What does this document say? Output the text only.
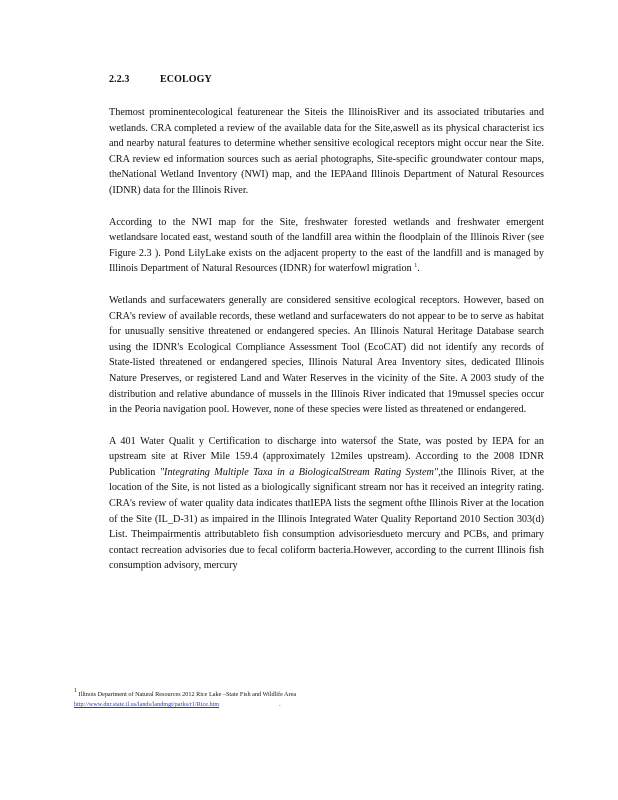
2.2.3	ECOLOGY

Themost prominentecological featurenear the Siteis the IllinoisRiver and its associated tributaries and wetlands. CRA completed a review of the available data for the Site,aswell as its physical characterist ics and nearby natural features to determine whether sensitive ecological receptors might occur near the Site. CRA review ed information sources such as aerial photographs, Site-specific groundwater contour maps, theNational Wetland Inventory (NWI) map, and the IEPAand Illinois Department of Natural Resources (IDNR) data for the Illinois River.

According to the NWI map for the Site, freshwater forested wetlands and freshwater emergent wetlandsare located east, westand south of the landfill area within the floodplain of the Illinois River (see Figure 2.3 ). Pond LilyLake exists on the adjacent property to the east of the landfill and is managed by Illinois Department of Natural Resources (IDNR) for waterfowl migration $^1$.

Wetlands and surfacewaters generally are considered sensitive ecological receptors. However, based on CRA's review of available records, these wetland and surfacewaters do not appear to be to serve as habitat for unusually sensitive threatened or endangered species. An Illinois Natural Heritage Database search using the IDNR's Ecological Compliance Assessment Tool (EcoCAT) did not identify any records of State-listed threatened or endangered species, Illinois Natural Area Inventory sites, dedicated Illinois Nature Preserves, or registered Land and Water Reserves in the vicinity of the Site. A 2003 study of the distribution and relative abundance of mussels in the Illinois River indicated that 19mussel species occur in the Peoria navigation pool. However, none of these species were listed as threatened or endangered.

A 401 Water Qualit y Certification to discharge into watersof the State, was posted by IEPA for an upstream site at River Mile 159.4 (approximately 12miles upstream). According to the 2008 IDNR Publication "Integrating Multiple Taxa in a BiologicalStream Rating System",the Illinois River, at the location of the Site, is not listed as a biologically significant stream nor has it received an integrity rating. CRA's review of water quality data indicates thatIEPA lists the segment ofthe Illinois River at the location of the Site (IL_D-31) as impaired in the Illinois Integrated Water Quality Reportand 2010 Section 303(d) List. Theimpairmentis attributableto fish consumption advisoriesdueto mercury and PCBs, and primary contact recreation advisories due to fecal coliform bacteria.However, according to the current Illinois fish consumption advisory, mercury

$^1$ Illinois Department of Natural Resources 2012 Rice Lake –State Fish and Wildlife Area
http://www.dnr.state.il.us/lands/landmgt/parks/r1/Rice.htm	.
